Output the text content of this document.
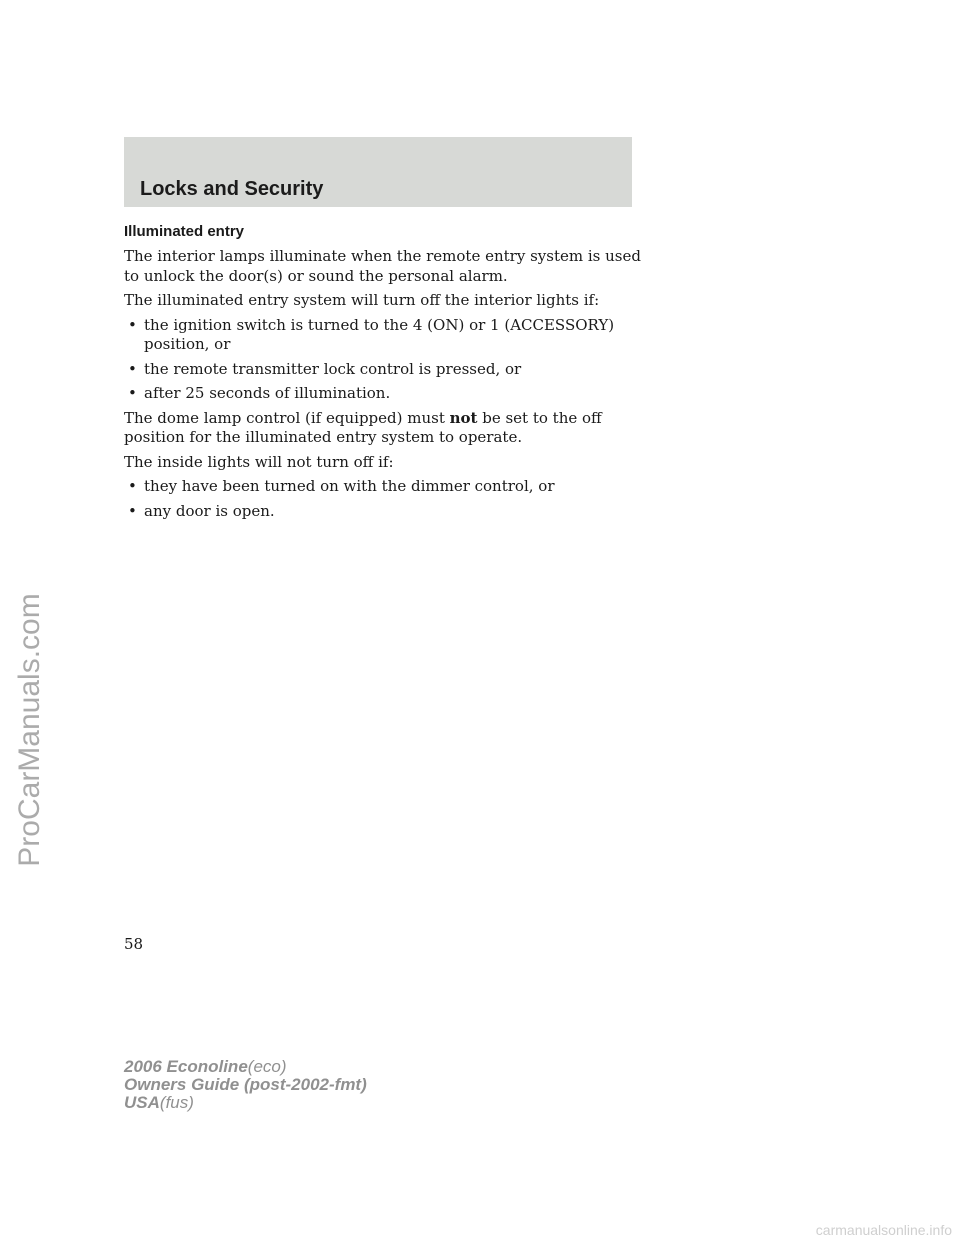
Locks and Security
Illuminated entry
The interior lamps illuminate when the remote entry system is used to unlock the door(s) or sound the personal alarm.
The illuminated entry system will turn off the interior lights if:
• the ignition switch is turned to the 4 (ON) or 1 (ACCESSORY) position, or
• the remote transmitter lock control is pressed, or
• after 25 seconds of illumination.
The dome lamp control (if equipped) must not be set to the off position for the illuminated entry system to operate.
The inside lights will not turn off if:
• they have been turned on with the dimmer control, or
• any door is open.
58
2006 Econoline(eco)
Owners Guide (post-2002-fmt)
USA(fus)
ProCarManuals.com
carmanualsonline.info
